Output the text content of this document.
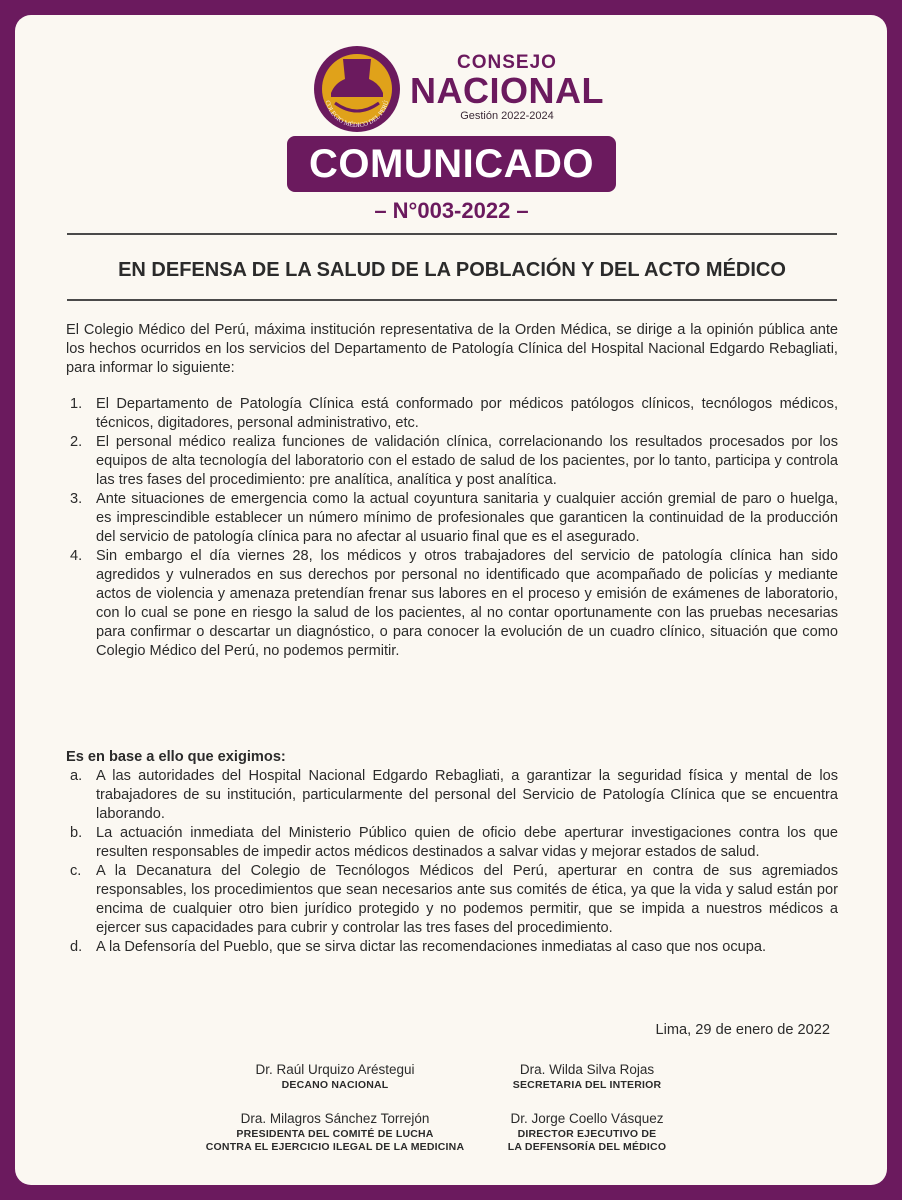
COLEGIO MÉDICO DEL PERÚ
CONSEJO
NACIONAL
Gestión 2022-2024
COMUNICADO
– N°003-2022 –
EN DEFENSA DE LA SALUD DE LA POBLACIÓN Y DEL ACTO MÉDICO
El Colegio Médico del Perú, máxima institución representativa de la Orden Médica, se dirige a la opinión pública ante los hechos ocurridos en los servicios del Departamento de Patología Clínica del Hospital Nacional Edgardo Rebagliati, para informar lo siguiente:
1. El Departamento de Patología Clínica está conformado por médicos patólogos clínicos, tecnólogos médicos, técnicos, digitadores, personal administrativo, etc.
2. El personal médico realiza funciones de validación clínica, correlacionando los resultados procesados por los equipos de alta tecnología del laboratorio con el estado de salud de los pacientes, por lo tanto, participa y controla las tres fases del procedimiento: pre analítica, analítica y post analítica.
3. Ante situaciones de emergencia como la actual coyuntura sanitaria y cualquier acción gremial de paro o huelga, es imprescindible establecer un número mínimo de profesionales que garanticen la continuidad de la producción del servicio de patología clínica para no afectar al usuario final que es el asegurado.
4. Sin embargo el día viernes 28, los médicos y otros trabajadores del servicio de patología clínica han sido agredidos y vulnerados en sus derechos por personal no identificado que acompañado de policías y mediante actos de violencia y amenaza pretendían frenar sus labores en el proceso y emisión de exámenes de laboratorio, con lo cual se pone en riesgo la salud de los pacientes, al no contar oportunamente con las pruebas necesarias para confirmar o descartar un diagnóstico, o para conocer la evolución de un cuadro clínico, situación que como Colegio Médico del Perú, no podemos permitir.
Es en base a ello que exigimos:
a. A las autoridades del Hospital Nacional Edgardo Rebagliati, a garantizar la seguridad física y mental de los trabajadores de su institución, particularmente del personal del Servicio de Patología Clínica que se encuentra laborando.
b. La actuación inmediata del Ministerio Público quien de oficio debe aperturar investigaciones contra los que resulten responsables de impedir actos médicos destinados a salvar vidas y mejorar estados de salud.
c. A la Decanatura del Colegio de Tecnólogos Médicos del Perú, aperturar en contra de sus agremiados responsables, los procedimientos que sean necesarios ante sus comités de ética, ya que la vida y salud están por encima de cualquier otro bien jurídico protegido y no podemos permitir, que se impida a nuestros médicos a ejercer sus capacidades para cubrir y controlar las tres fases del procedimiento.
d. A la Defensoría del Pueblo, que se sirva dictar las recomendaciones inmediatas al caso que nos ocupa.
Lima, 29 de enero de 2022
Dr. Raúl Urquizo Aréstegui
DECANO NACIONAL
Dra. Wilda Silva Rojas
SECRETARIA DEL INTERIOR
Dra. Milagros Sánchez Torrejón
PRESIDENTA DEL COMITÉ DE LUCHA
CONTRA EL EJERCICIO ILEGAL DE LA MEDICINA
Dr. Jorge Coello Vásquez
DIRECTOR EJECUTIVO DE
LA DEFENSORÍA DEL MÉDICO
